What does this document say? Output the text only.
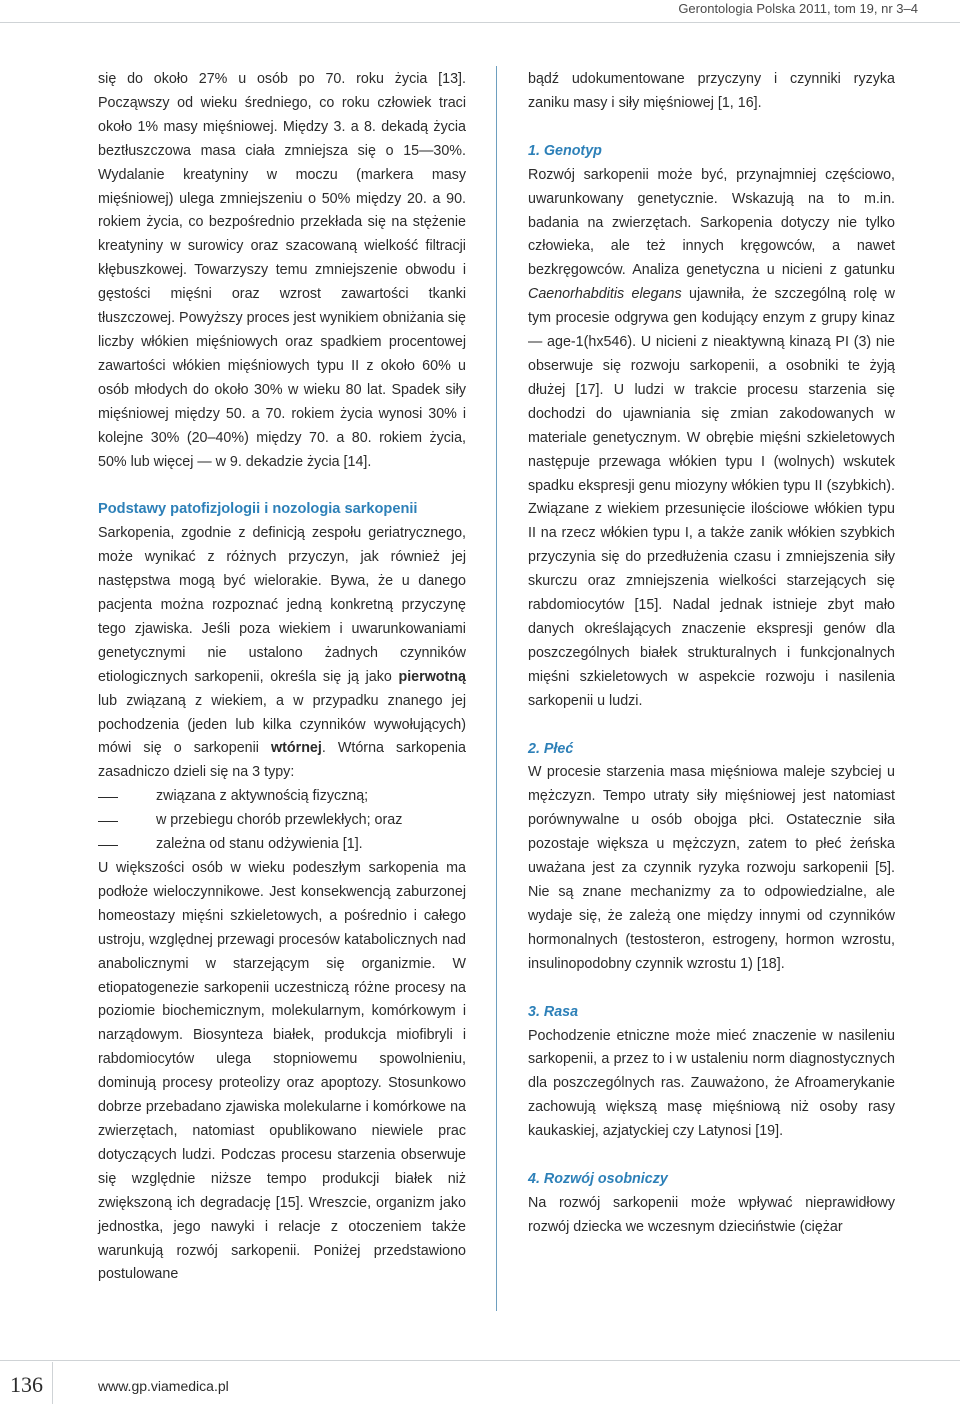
Gerontologia Polska 2011, tom 19, nr 3–4

się do około 27% u osób po 70. roku życia [13]. Począwszy od wieku średniego, co roku człowiek traci około 1% masy mięśniowej. Między 3. a 8. dekadą życia beztłuszczowa masa ciała zmniejsza się o 15—30%. Wydalanie kreatyniny w moczu (markera masy mięśniowej) ulega zmniejszeniu o 50% między 20. a 90. rokiem życia, co bezpośrednio przekłada się na stężenie kreatyniny w surowicy oraz szacowaną wielkość filtracji kłębuszkowej. Towarzyszy temu zmniejszenie obwodu i gęstości mięśni oraz wzrost zawartości tkanki tłuszczowej. Powyższy proces jest wynikiem obniżania się liczby włókien mięśniowych oraz spadkiem procentowej zawartości włókien mięśniowych typu II z około 60% u osób młodych do około 30% w wieku 80 lat. Spadek siły mięśniowej między 50. a 70. rokiem życia wynosi 30% i kolejne 30% (20–40%) między 70. a 80. rokiem życia, 50% lub więcej — w 9. dekadzie życia [14].

Podstawy patofizjologii i nozologia sarkopenii

Sarkopenia, zgodnie z definicją zespołu geriatrycznego, może wynikać z różnych przyczyn, jak również jej następstwa mogą być wielorakie. Bywa, że u danego pacjenta można rozpoznać jedną konkretną przyczynę tego zjawiska. Jeśli poza wiekiem i uwarunkowaniami genetycznymi nie ustalono żadnych czynników etiologicznych sarkopenii, określa się ją jako pierwotną lub związaną z wiekiem, a w przypadku znanego jej pochodzenia (jeden lub kilka czynników wywołujących) mówi się o sarkopenii wtórnej. Wtórna sarkopenia zasadniczo dzieli się na 3 typy:

związana z aktywnością fizyczną;
w przebiegu chorób przewlekłych; oraz
zależna od stanu odżywienia [1].

U większości osób w wieku podeszłym sarkopenia ma podłoże wieloczynnikowe. Jest konsekwencją zaburzonej homeostazy mięśni szkieletowych, a pośrednio i całego ustroju, względnej przewagi procesów katabolicznych nad anabolicznymi w starzejącym się organizmie. W etiopatogenezie sarkopenii uczestniczą różne procesy na poziomie biochemicznym, molekularnym, komórkowym i narządowym. Biosynteza białek, produkcja miofibryli i rabdomiocytów ulega stopniowemu spowolnieniu, dominują procesy proteolizy oraz apoptozy. Stosunkowo dobrze przebadano zjawiska molekularne i komórkowe na zwierzętach, natomiast opublikowano niewiele prac dotyczących ludzi. Podczas procesu starzenia obserwuje się względnie niższe tempo produkcji białek niż zwiększoną ich degradację [15]. Wreszcie, organizm jako jednostka, jego nawyki i relacje z otoczeniem także warunkują rozwój sarkopenii. Poniżej przedstawiono postulowane

bądź udokumentowane przyczyny i czynniki ryzyka zaniku masy i siły mięśniowej [1, 16].

1. Genotyp

Rozwój sarkopenii może być, przynajmniej częściowo, uwarunkowany genetycznie. Wskazują na to m.in. badania na zwierzętach. Sarkopenia dotyczy nie tylko człowieka, ale też innych kręgowców, a nawet bezkręgowców. Analiza genetyczna u nicieni z gatunku Caenorhabditis elegans ujawniła, że szczególną rolę w tym procesie odgrywa gen kodujący enzym z grupy kinaz — age-1(hx546). U nicieni z nieaktywną kinazą PI (3) nie obserwuje się rozwoju sarkopenii, a osobniki te żyją dłużej [17]. U ludzi w trakcie procesu starzenia się dochodzi do ujawniania się zmian zakodowanych w materiale genetycznym. W obrębie mięśni szkieletowych następuje przewaga włókien typu I (wolnych) wskutek spadku ekspresji genu miozyny włókien typu II (szybkich). Związane z wiekiem przesunięcie ilościowe włókien typu II na rzecz włókien typu I, a także zanik włókien szybkich przyczynia się do przedłużenia czasu i zmniejszenia siły skurczu oraz zmniejszenia wielkości starzejących się rabdomiocytów [15]. Nadal jednak istnieje zbyt mało danych określających znaczenie ekspresji genów dla poszczególnych białek strukturalnych i funkcjonalnych mięśni szkieletowych w aspekcie rozwoju i nasilenia sarkopenii u ludzi.

2. Płeć

W procesie starzenia masa mięśniowa maleje szybciej u mężczyzn. Tempo utraty siły mięśniowej jest natomiast porównywalne u osób obojga płci. Ostatecznie siła pozostaje większa u mężczyzn, zatem to płeć żeńska uważana jest za czynnik ryzyka rozwoju sarkopenii [5]. Nie są znane mechanizmy za to odpowiedzialne, ale wydaje się, że zależą one między innymi od czynników hormonalnych (testosteron, estrogeny, hormon wzrostu, insulinopodobny czynnik wzrostu 1) [18].

3. Rasa

Pochodzenie etniczne może mieć znaczenie w nasileniu sarkopenii, a przez to i w ustaleniu norm diagnostycznych dla poszczególnych ras. Zauważono, że Afroamerykanie zachowują większą masę mięśniową niż osoby rasy kaukaskiej, azjatyckiej czy Latynosi [19].

4. Rozwój osobniczy

Na rozwój sarkopenii może wpływać nieprawidłowy rozwój dziecka we wczesnym dzieciństwie (ciężar

136	www.gp.viamedica.pl
